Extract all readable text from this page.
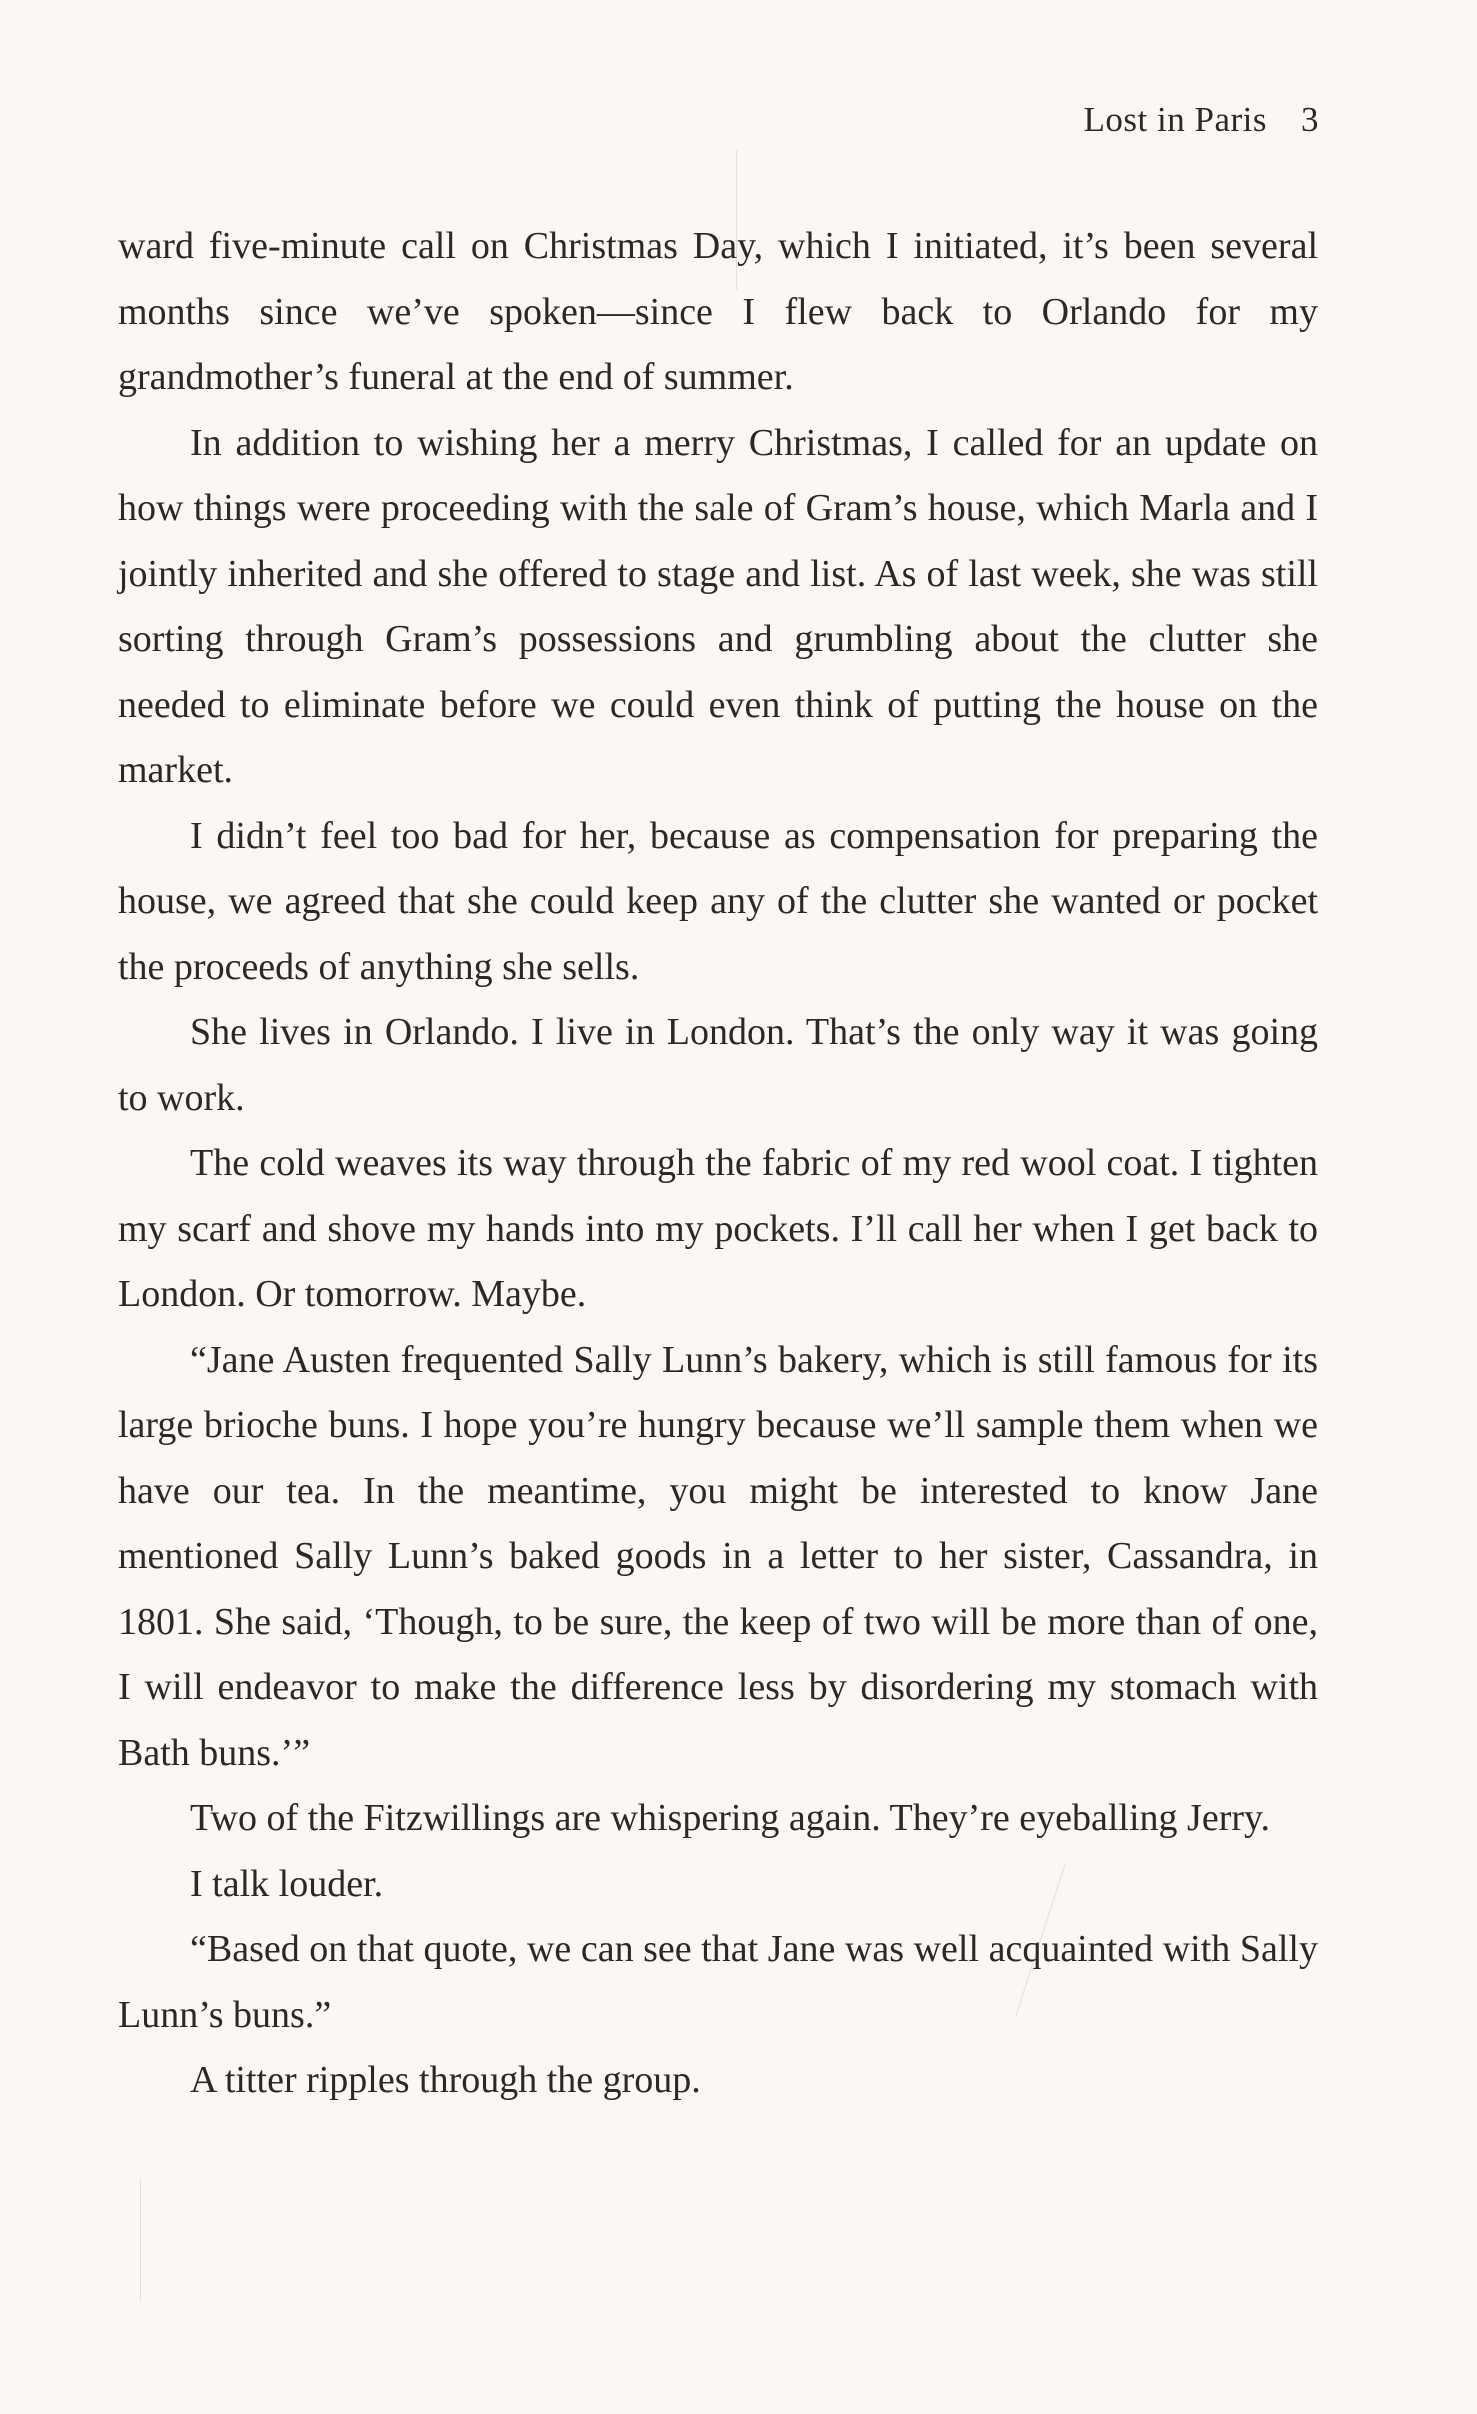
Lost in Paris 3

ward five-minute call on Christmas Day, which I initiated, it’s been several months since we’ve spoken—since I flew back to Orlando for my grandmother’s funeral at the end of summer.

In addition to wishing her a merry Christmas, I called for an update on how things were proceeding with the sale of Gram’s house, which Marla and I jointly inherited and she offered to stage and list. As of last week, she was still sorting through Gram’s possessions and grumbling about the clutter she needed to eliminate before we could even think of putting the house on the market.

I didn’t feel too bad for her, because as compensation for preparing the house, we agreed that she could keep any of the clutter she wanted or pocket the proceeds of anything she sells.

She lives in Orlando. I live in London. That’s the only way it was going to work.

The cold weaves its way through the fabric of my red wool coat. I tighten my scarf and shove my hands into my pockets. I’ll call her when I get back to London. Or tomorrow. Maybe.

“Jane Austen frequented Sally Lunn’s bakery, which is still famous for its large brioche buns. I hope you’re hungry because we’ll sample them when we have our tea. In the meantime, you might be interested to know Jane mentioned Sally Lunn’s baked goods in a letter to her sister, Cassandra, in 1801. She said, ‘Though, to be sure, the keep of two will be more than of one, I will endeavor to make the difference less by disordering my stomach with Bath buns.’”

Two of the Fitzwillings are whispering again. They’re eyeballing Jerry.

I talk louder.

“Based on that quote, we can see that Jane was well acquainted with Sally Lunn’s buns.”

A titter ripples through the group.
